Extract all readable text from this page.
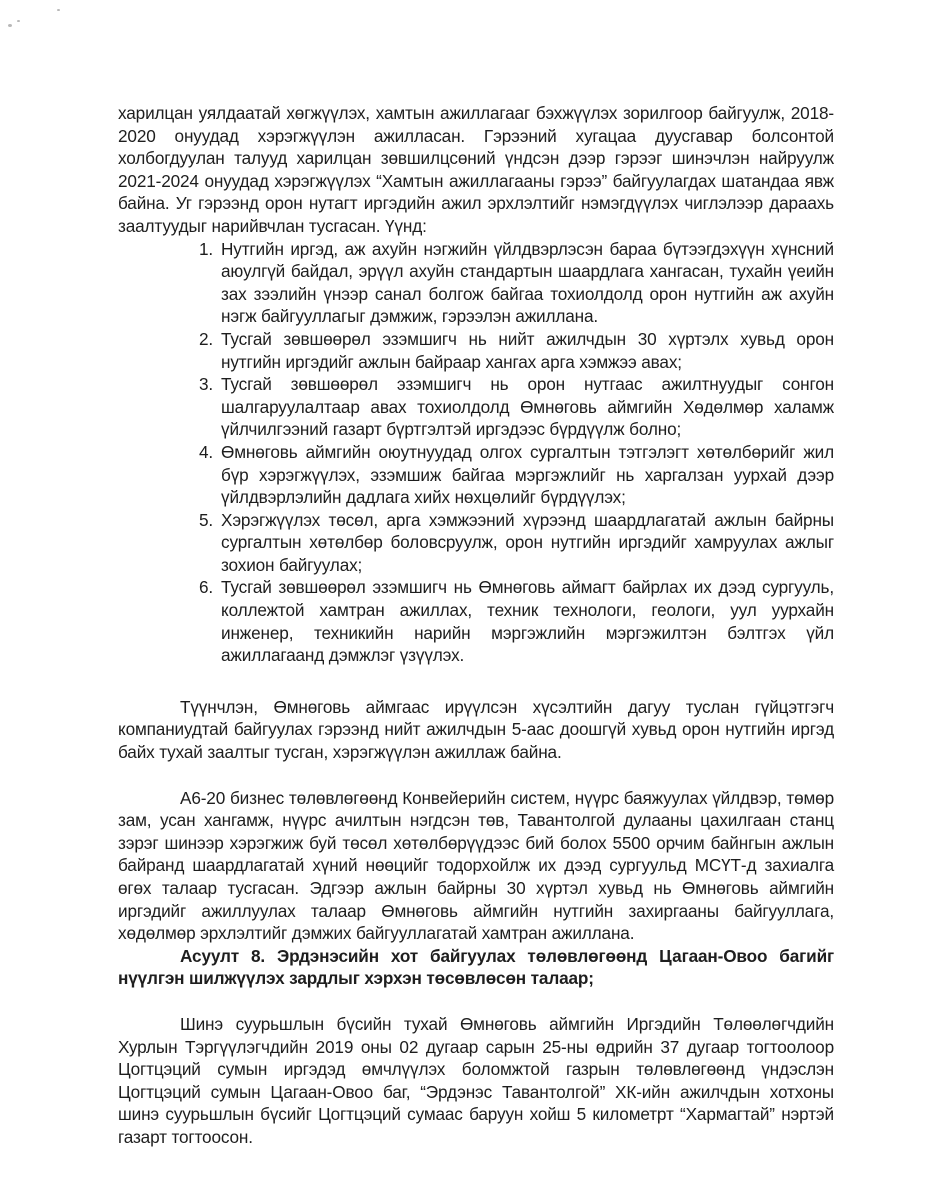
харилцан уялдаатай хөгжүүлэх, хамтын ажиллагааг бэхжүүлэх зорилгоор байгуулж, 2018-2020 онуудад хэрэгжүүлэн ажилласан. Гэрээний хугацаа дуусгавар болсонтой холбогдуулан талууд харилцан зөвшилцсөний үндсэн дээр гэрээг шинэчлэн найруулж 2021-2024 онуудад хэрэгжүүлэх “Хамтын ажиллагааны гэрээ” байгуулагдах шатандаа явж байна. Уг гэрээнд орон нутагт иргэдийн ажил эрхлэлтийг нэмэгдүүлэх чиглэлээр дараахь заалтуудыг нарийвчлан тусгасан. Үүнд:

1. Нутгийн иргэд, аж ахуйн нэгжийн үйлдвэрлэсэн бараа бүтээгдэхүүн хүнсний аюулгүй байдал, эрүүл ахуйн стандартын шаардлага хангасан, тухайн үеийн зах зээлийн үнээр санал болгож байгаа тохиолдолд орон нутгийн аж ахуйн нэгж байгууллагыг дэмжиж, гэрээлэн ажиллана.
2. Тусгай зөвшөөрөл эзэмшигч нь нийт ажилчдын 30 хүртэлх хувьд орон нутгийн иргэдийг ажлын байраар хангах арга хэмжээ авах;
3. Тусгай зөвшөөрөл эзэмшигч нь орон нутгаас ажилтнуудыг сонгон шалгаруулалтаар авах тохиолдолд Өмнөговь аймгийн Хөдөлмөр халамж үйлчилгээний газарт бүртгэлтэй иргэдээс бүрдүүлж болно;
4. Өмнөговь аймгийн оюутнуудад олгох сургалтын тэтгэлэгт хөтөлбөрийг жил бүр хэрэгжүүлэх, эзэмшиж байгаа мэргэжлийг нь харгалзан уурхай дээр үйлдвэрлэлийн дадлага хийх нөхцөлийг бүрдүүлэх;
5. Хэрэгжүүлэх төсөл, арга хэмжээний хүрээнд шаардлагатай ажлын байрны сургалтын хөтөлбөр боловсруулж, орон нутгийн иргэдийг хамруулах ажлыг зохион байгуулах;
6. Тусгай зөвшөөрөл эзэмшигч нь Өмнөговь аймагт байрлах их дээд сургууль, коллежтой хамтран ажиллах, техник технологи, геологи, уул уурхайн инженер, техникийн нарийн мэргэжлийн мэргэжилтэн бэлтгэх үйл ажиллагаанд дэмжлэг үзүүлэх.

Түүнчлэн, Өмнөговь аймгаас ирүүлсэн хүсэлтийн дагуу туслан гүйцэтгэгч компаниудтай байгуулах гэрээнд нийт ажилчдын 5-аас доошгүй хувьд орон нутгийн иргэд байх тухай заалтыг тусган, хэрэгжүүлэн ажиллаж байна.

А6-20 бизнес төлөвлөгөөнд Конвейерийн систем, нүүрс баяжуулах үйлдвэр, төмөр зам, усан хангамж, нүүрс ачилтын нэгдсэн төв, Тавантолгой дулааны цахилгаан станц зэрэг шинээр хэрэгжиж буй төсөл хөтөлбөрүүдээс бий болох 5500 орчим байнгын ажлын байранд шаардлагатай хүний нөөцийг тодорхойлж их дээд сургуульд МСҮТ-д захиалга өгөх талаар тусгасан. Эдгээр ажлын байрны 30 хүртэл хувьд нь Өмнөговь аймгийн иргэдийг ажиллуулах талаар Өмнөговь аймгийн нутгийн захиргааны байгууллага, хөдөлмөр эрхлэлтийг дэмжих байгууллагатай хамтран ажиллана.

Асуулт 8. Эрдэнэсийн хот байгуулах төлөвлөгөөнд Цагаан-Овоо багийг нүүлгэн шилжүүлэх зардлыг хэрхэн төсөвлөсөн талаар;

Шинэ суурьшлын бүсийн тухай Өмнөговь аймгийн Иргэдийн Төлөөлөгчдийн Хурлын Тэргүүлэгчдийн 2019 оны 02 дугаар сарын 25-ны өдрийн 37 дугаар тогтоолоор Цогтцэций сумын иргэдэд өмчлүүлэх боломжтой газрын төлөвлөгөөнд үндэслэн Цогтцэций сумын Цагаан-Овоо баг, “Эрдэнэс Тавантолгой” ХК-ийн ажилчдын хотхоны шинэ суурьшлын бүсийг Цогтцэций сумаас баруун хойш 5 километрт “Хармагтай” нэртэй газарт тогтоосон.
